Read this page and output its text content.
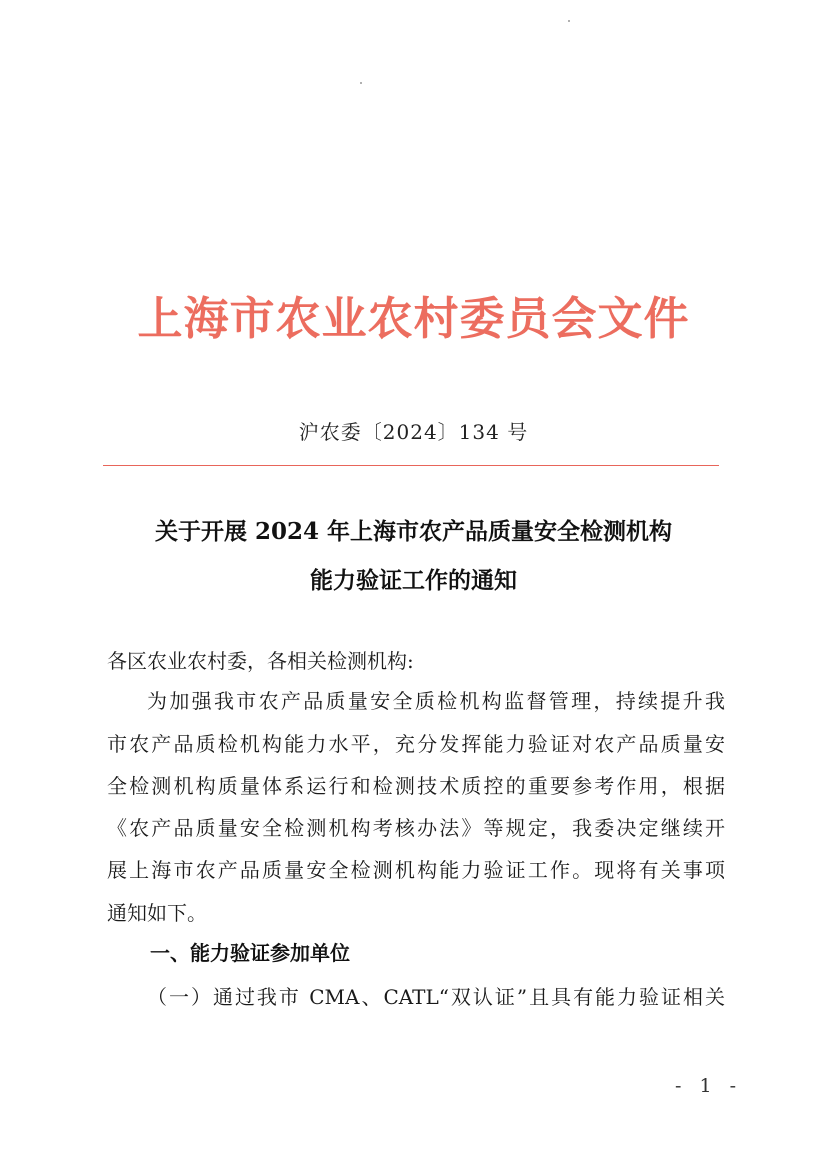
上海市农业农村委员会文件
沪农委〔2024〕134 号
关于开展 2024 年上海市农产品质量安全检测机构
能力验证工作的通知
各区农业农村委，各相关检测机构:
为加强我市农产品质量安全质检机构监督管理，持续提升我
市农产品质检机构能力水平，充分发挥能力验证对农产品质量安
全检测机构质量体系运行和检测技术质控的重要参考作用，根据
《农产品质量安全检测机构考核办法》等规定，我委决定继续开
展上海市农产品质量安全检测机构能力验证工作。现将有关事项
通知如下。
一、能力验证参加单位
（一）通过我市 CMA、CATL“双认证”且具有能力验证相关
- 1 -
